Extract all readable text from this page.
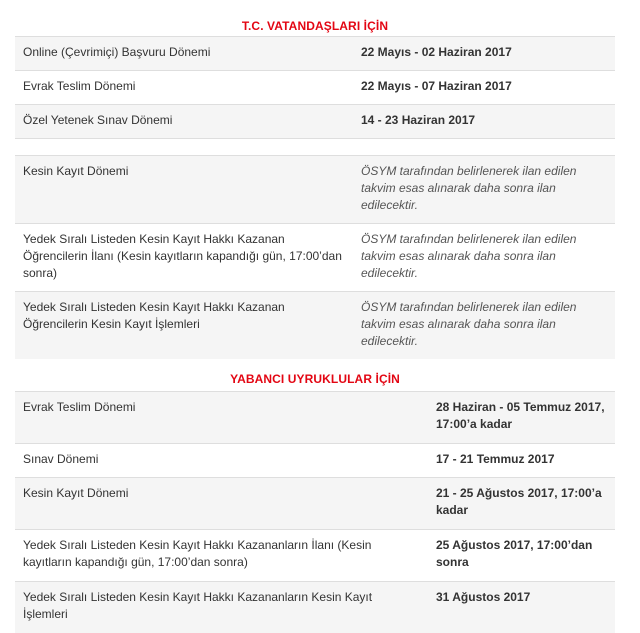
T.C. VATANDAŞLARI İÇİN
Online (Çevrimiçi) Başvuru Dönemi	22 Mayıs - 02 Haziran 2017
Evrak Teslim Dönemi	22 Mayıs - 07 Haziran 2017
Özel Yetenek Sınav Dönemi	14 - 23 Haziran 2017

Kesin Kayıt Dönemi	ÖSYM tarafından belirlenerek ilan edilen takvim esas alınarak daha sonra ilan edilecektir.
Yedek Sıralı Listeden Kesin Kayıt Hakkı Kazanan Öğrencilerin İlanı (Kesin kayıtların kapandığı gün, 17:00’dan sonra)	ÖSYM tarafından belirlenerek ilan edilen takvim esas alınarak daha sonra ilan edilecektir.
Yedek Sıralı Listeden Kesin Kayıt Hakkı Kazanan Öğrencilerin Kesin Kayıt İşlemleri	ÖSYM tarafından belirlenerek ilan edilen takvim esas alınarak daha sonra ilan edilecektir.
YABANCI UYRUKLULAR İÇİN
Evrak Teslim Dönemi	28 Haziran - 05 Temmuz 2017, 17:00’a kadar
Sınav Dönemi	17 - 21 Temmuz 2017
Kesin Kayıt Dönemi	21 - 25 Ağustos 2017, 17:00’a kadar
Yedek Sıralı Listeden Kesin Kayıt Hakkı Kazananların İlanı (Kesin kayıtların kapandığı gün, 17:00’dan sonra)	25 Ağustos 2017, 17:00’dan sonra
Yedek Sıralı Listeden Kesin Kayıt Hakkı Kazananların Kesin Kayıt İşlemleri	31 Ağustos 2017
